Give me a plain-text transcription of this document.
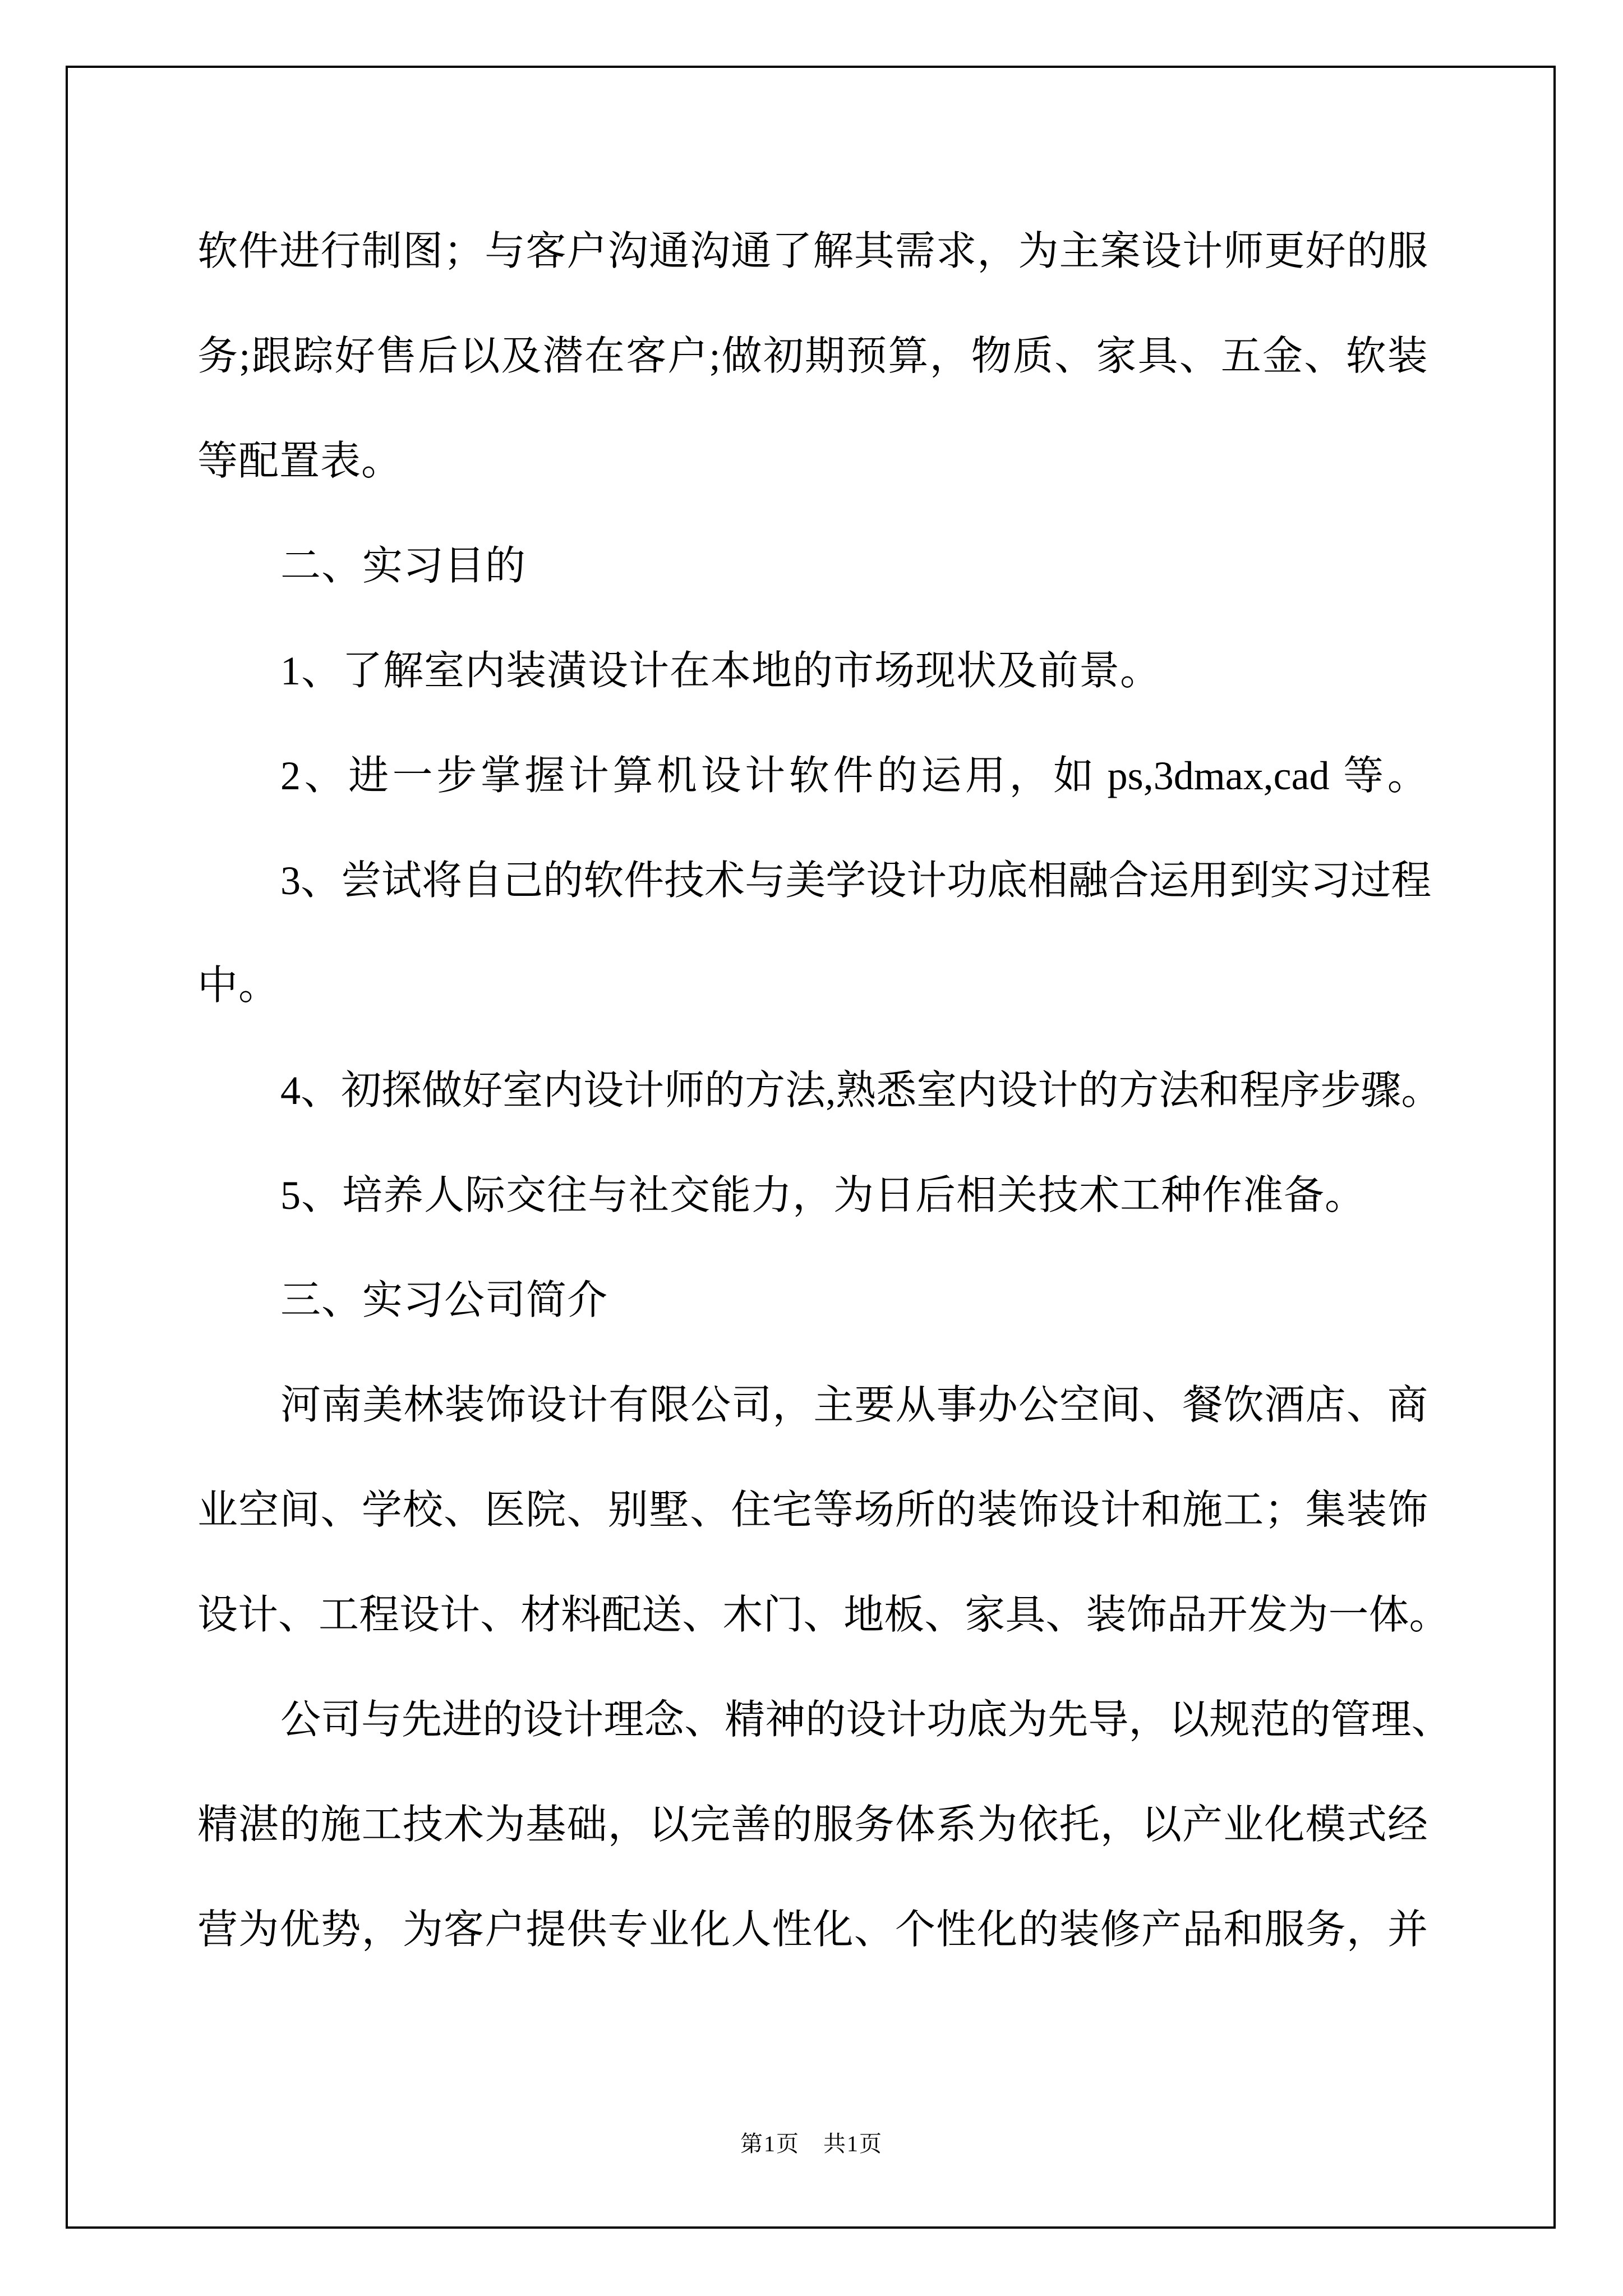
软 件 进 行 制 图 ； 与 客 户 沟 通 沟 通 了 解 其 需 求 ， 为 主 案 设 计 师 更 好 的 服
务 ; 跟 踪 好 售 后 以 及 潜 在 客 户 ; 做 初 期 预 算 ， 物 质 、 家 具 、 五 金 、 软 装
等配置表。
二、实习目的
1、了解室内装潢设计在本地的市场现状及前景。
2 、 进 一 步 掌 握 计 算 机 设 计 软 件 的 运 用 ， 如 ps,3dmax,cad 等 。
3 、 尝 试 将 自 己 的 软 件 技 术 与 美 学 设 计 功 底 相 融 合 运 用 到 实 习 过 程
中。
4 、 初 探 做 好 室 内 设 计 师 的 方 法 , 熟 悉 室 内 设 计 的 方 法 和 程 序 步 骤 。
5、培养人际交往与社交能力，为日后相关技术工种作准备。
三、实习公司简介
河 南 美 林 装 饰 设 计 有 限 公 司 ， 主 要 从 事 办 公 空 间 、 餐 饮 酒 店 、 商
业 空 间 、 学 校 、 医 院 、 别 墅 、 住 宅 等 场 所 的 装 饰 设 计 和 施 工 ； 集 装 饰
设 计 、 工 程 设 计 、 材 料 配 送 、 木 门 、 地 板 、 家 具 、 装 饰 品 开 发 为 一 体 。
公 司 与 先 进 的 设 计 理 念 、 精 神 的 设 计 功 底 为 先 导 ， 以 规 范 的 管 理 、
精 湛 的 施 工 技 术 为 基 础 ， 以 完 善 的 服 务 体 系 为 依 托 ， 以 产 业 化 模 式 经
营 为 优 势 ， 为 客 户 提 供 专 业 化 人 性 化 、 个 性 化 的 装 修 产 品 和 服 务 ， 并
第1页　共1页
